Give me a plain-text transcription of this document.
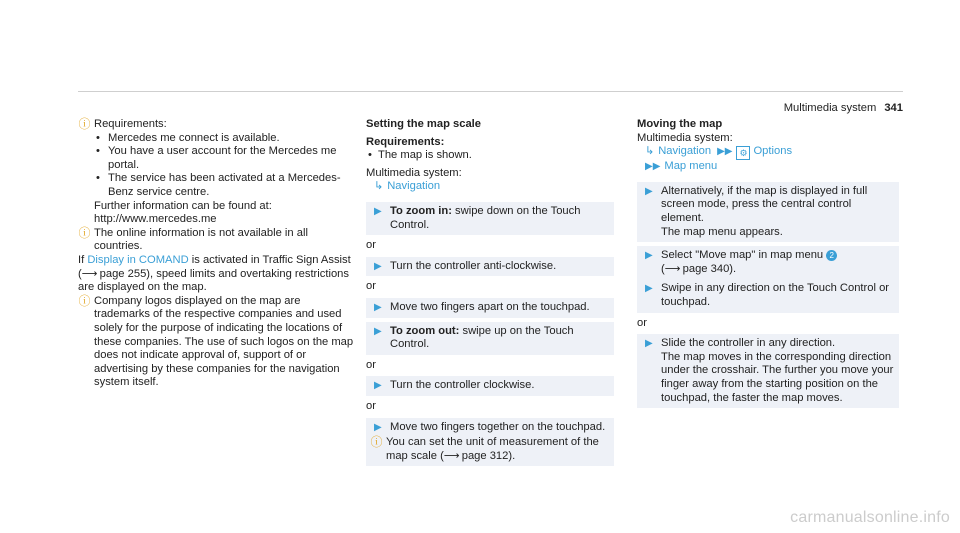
Multimedia system 341
ⓘ Requirements:
• Mercedes me connect is available.
• You have a user account for the Mercedes me portal.
• The service has been activated at a Mercedes-Benz service centre.
Further information can be found at: http://www.mercedes.me
ⓘ The online information is not available in all countries.
If Display in COMAND is activated in Traffic Sign Assist (⟶ page 255), speed limits and overtaking restrictions are displayed on the map.
ⓘ Company logos displayed on the map are trademarks of the respective companies and used solely for the purpose of indicating the locations of these companies. The use of such logos on the map does not indicate approval of, support of or advertising by these companies for the navigation system itself.
Setting the map scale
Requirements:
• The map is shown.
Multimedia system:
↳ Navigation
▶ To zoom in: swipe down on the Touch Control.
or
▶ Turn the controller anti-clockwise.
or
▶ Move two fingers apart on the touchpad.
▶ To zoom out: swipe up on the Touch Control.
or
▶ Turn the controller clockwise.
or
▶ Move two fingers together on the touchpad.
ⓘ You can set the unit of measurement of the map scale (⟶ page 312).
Moving the map
Multimedia system:
↳ Navigation ▶▶ ⚙ Options
▶▶ Map menu
▶ Alternatively, if the map is displayed in full screen mode, press the central control element.
The map menu appears.
▶ Select "Move map" in map menu 2
(⟶ page 340).
▶ Swipe in any direction on the Touch Control or touchpad.
or
▶ Slide the controller in any direction.
The map moves in the corresponding direction under the crosshair. The further you move your finger away from the starting position on the touchpad, the faster the map moves.
carmanualsonline.info
